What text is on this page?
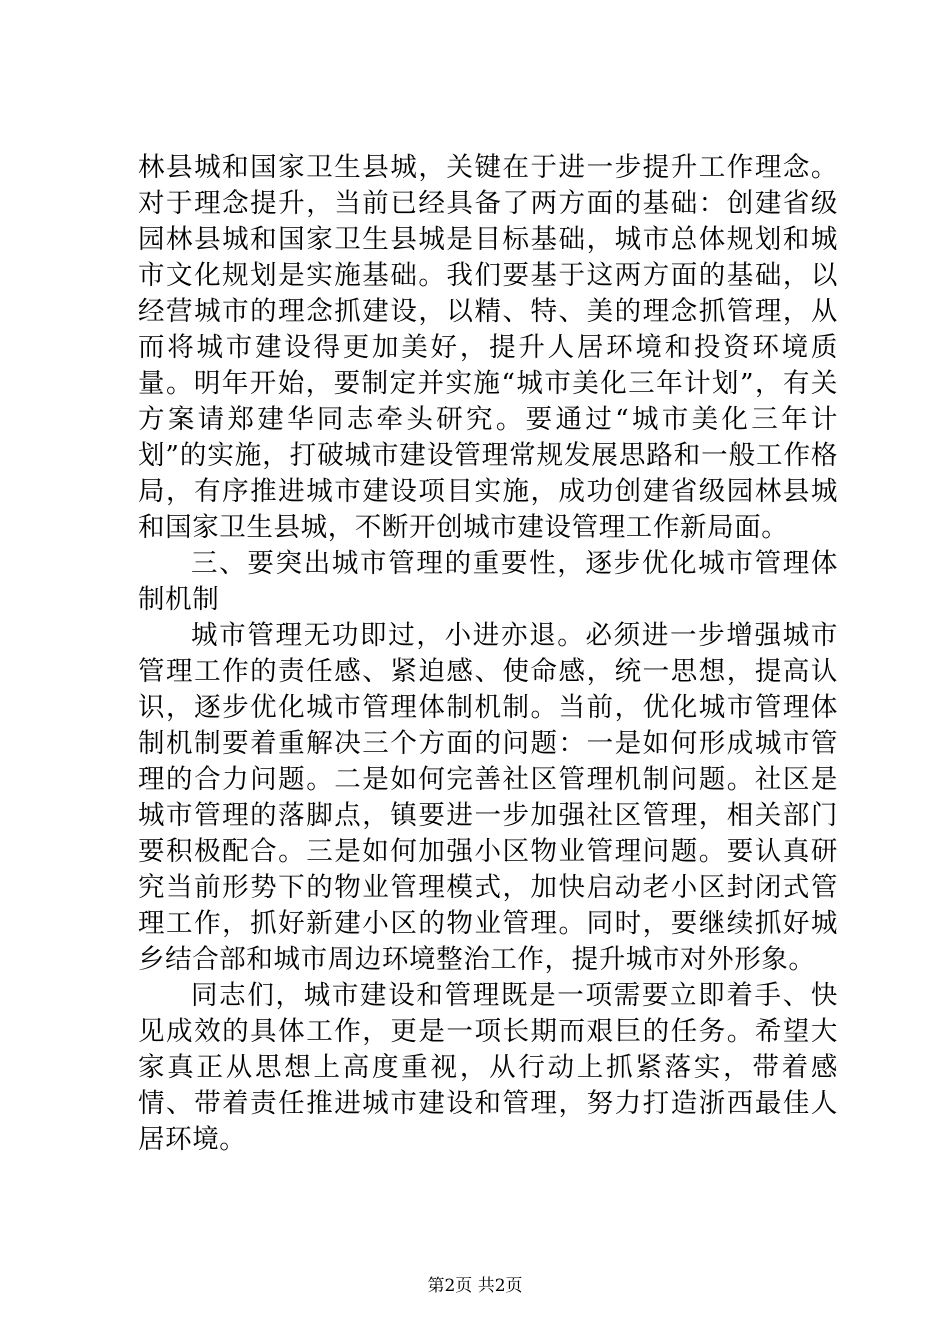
林县城和国家卫生县城，关键在于进一步提升工作理念。对于理念提升，当前已经具备了两方面的基础：创建省级园林县城和国家卫生县城是目标基础，城市总体规划和城市文化规划是实施基础。我们要基于这两方面的基础，以经营城市的理念抓建设，以精、特、美的理念抓管理，从而将城市建设得更加美好，提升人居环境和投资环境质量。明年开始，要制定并实施“城市美化三年计划”，有关方案请郑建华同志牵头研究。要通过“城市美化三年计划”的实施，打破城市建设管理常规发展思路和一般工作格局，有序推进城市建设项目实施，成功创建省级园林县城和国家卫生县城，不断开创城市建设管理工作新局面。

三、要突出城市管理的重要性，逐步优化城市管理体制机制

城市管理无功即过，小进亦退。必须进一步增强城市管理工作的责任感、紧迫感、使命感，统一思想，提高认识，逐步优化城市管理体制机制。当前，优化城市管理体制机制要着重解决三个方面的问题：一是如何形成城市管理的合力问题。二是如何完善社区管理机制问题。社区是城市管理的落脚点，镇要进一步加强社区管理，相关部门要积极配合。三是如何加强小区物业管理问题。要认真研究当前形势下的物业管理模式，加快启动老小区封闭式管理工作，抓好新建小区的物业管理。同时，要继续抓好城乡结合部和城市周边环境整治工作，提升城市对外形象。

同志们，城市建设和管理既是一项需要立即着手、快见成效的具体工作，更是一项长期而艰巨的任务。希望大家真正从思想上高度重视，从行动上抓紧落实，带着感情、带着责任推进城市建设和管理，努力打造浙西最佳人居环境。

第2页 共2页
